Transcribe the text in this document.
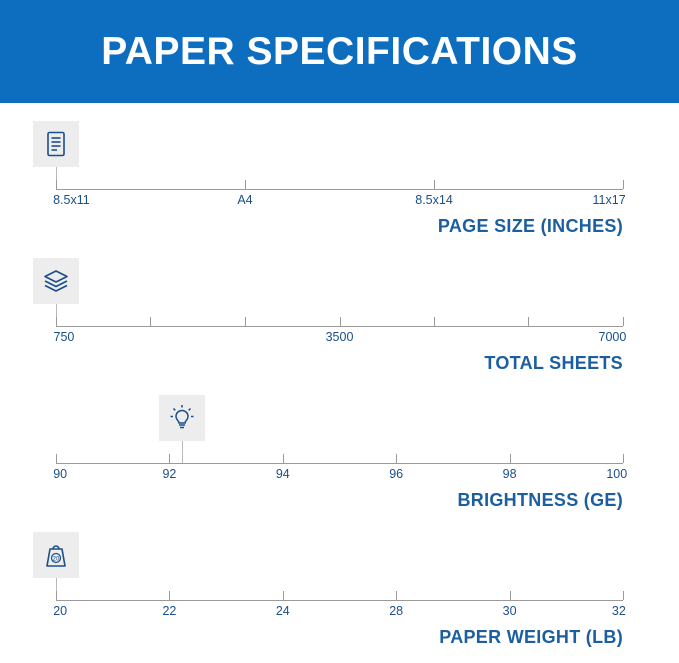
PAPER SPECIFICATIONS
8.5x11	A4	8.5x14	11x17
PAGE SIZE (INCHES)
750	3500	7000
TOTAL SHEETS
90	92	94	96	98	100
BRIGHTNESS (GE)
20
20	22	24	28	30	32
PAPER WEIGHT (LB)
